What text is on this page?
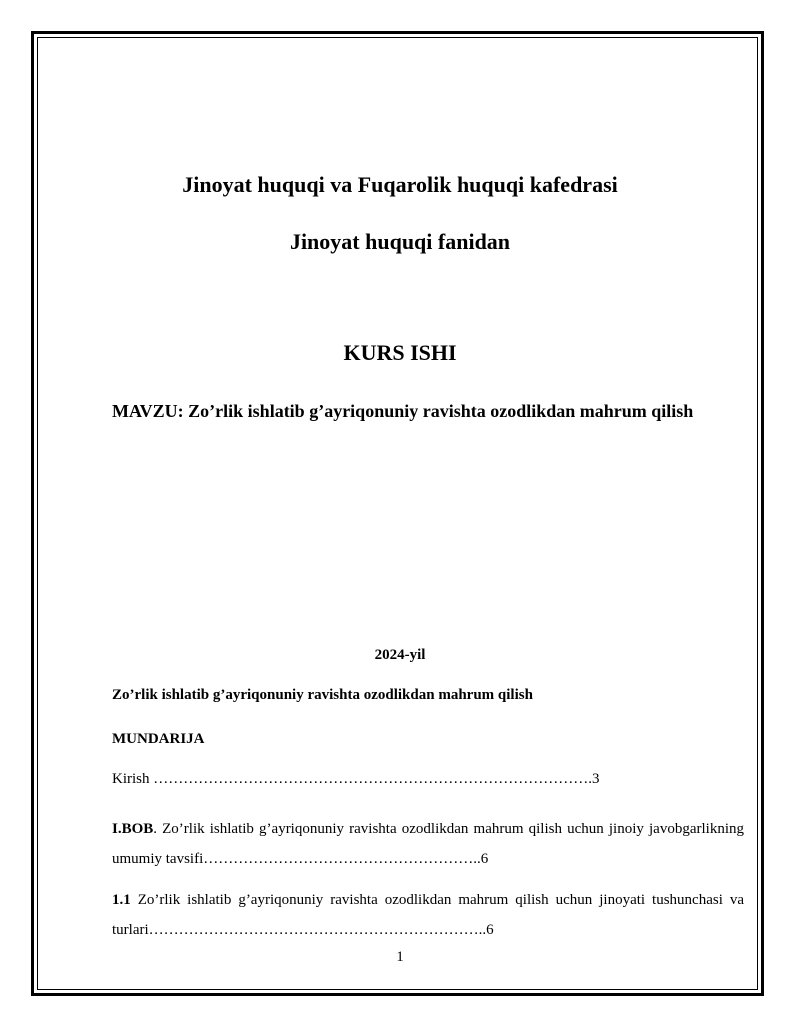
Jinoyat huquqi va Fuqarolik huquqi kafedrasi

Jinoyat huquqi fanidan

KURS ISHI

MAVZU: Zo’rlik ishlatib g’ayriqonuniy ravishta ozodlikdan mahrum qilish

2024-yil

Zo’rlik ishlatib g’ayriqonuniy ravishta ozodlikdan mahrum qilish

MUNDARIJA

Kirish …………………………………………………………………………….3

I.BOB. Zo’rlik ishlatib g’ayriqonuniy ravishta ozodlikdan mahrum qilish uchun jinoiy javobgarlikning umumiy tavsifi………………………………………………..6

1.1 Zo’rlik ishlatib g’ayriqonuniy ravishta ozodlikdan mahrum qilish uchun jinoyati tushunchasi va turlari…………………………………………………………..6

1
